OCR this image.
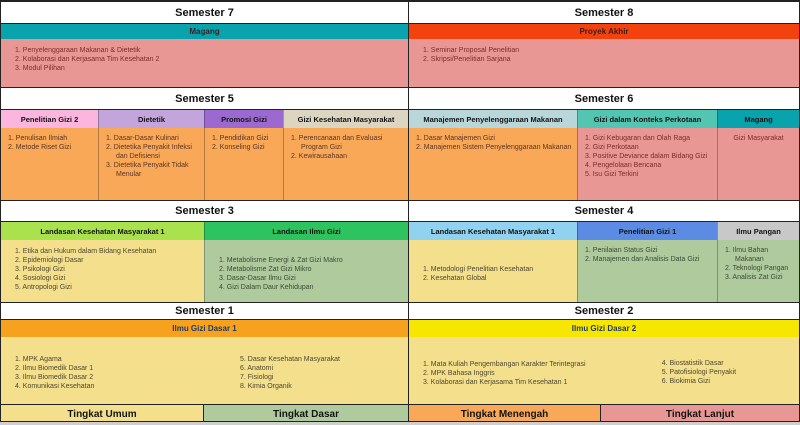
Semester 7	Semester 8
Magang	Proyek Akhir
1. Penyelenggaraan Makanan & Dietetik
2. Kolaborasi dan Kerjasama Tim Kesehatan 2
3. Modul Pilihan
1. Seminar Proposal Penelitian
2. Skripsi/Penelitian Sarjana
Semester 5	Semester 6
Penelitian Gizi 2	Dietetik	Promosi Gizi	Gizi Kesehatan Masyarakat	Manajemen Penyelenggaraan Makanan	Gizi dalam Konteks Perkotaan	Magang
1. Penulisan Ilmiah
2. Metode Riset Gizi
1. Dasar-Dasar Kulinari
2. Dietetika Penyakit Infeksi dan Defisiensi
3. Dietetika Penyakit Tidak Menular
1. Pendidikan Gizi
2. Konseling Gizi
1. Perencanaan dan Evaluasi Program Gizi
2. Kewirausahaan
1. Dasar Manajemen Gizi
2. Manajemen Sistem Penyelenggaraan Makanan
1. Gizi Kebugaran dan Olah Raga
2. Gizi Perkotaan
3. Positive Deviance dalam Bidang Gizi
4. Pengelolaan Bencana
5. Isu Gizi Terkini
Gizi Masyarakat
Semester 3	Semester 4
Landasan Kesehatan Masyarakat 1	Landasan Ilmu Gizi	Landasan Kesehatan Masyarakat 1	Penelitian Gizi 1	Ilmu Pangan
1. Etika dan Hukum dalam Bidang Kesehatan
2. Epidemiologi Dasar
3. Psikologi Gizi
4. Sosiologi Gizi
5. Antropologi Gizi
1. Metabolisme Energi & Zat Gizi Makro
2. Metabolisme Zat Gizi Mikro
3. Dasar-Dasar Ilmu Gizi
4. Gizi Dalam Daur Kehidupan
1. Metodologi Penelitian Kesehatan
2. Kesehatan Global
1. Penilaian Status Gizi
2. Manajemen dan Analisis Data Gizi
1. Ilmu Bahan Makanan
2. Teknologi Pangan
3. Analisis Zat Gizi
Semester 1	Semester 2
Ilmu Gizi Dasar 1	Ilmu Gizi Dasar 2
1. MPK Agama
2. Ilmu Biomedik Dasar 1
3. Ilmu Biomedik Dasar 2
4. Komunikasi Kesehatan
5. Dasar Kesehatan Masyarakat
6. Anatomi
7. Fisiologi
8. Kimia Organik
1. Mata Kuliah Pengembangan Karakter Terintegrasi
2. MPK Bahasa Inggris
3. Kolaborasi dan Kerjasama Tim Kesehatan 1
4. Biostatistik Dasar
5. Patofisiologi Penyakit
6. Biokimia Gizi
Tingkat Umum	Tingkat Dasar	Tingkat Menengah	Tingkat Lanjut
